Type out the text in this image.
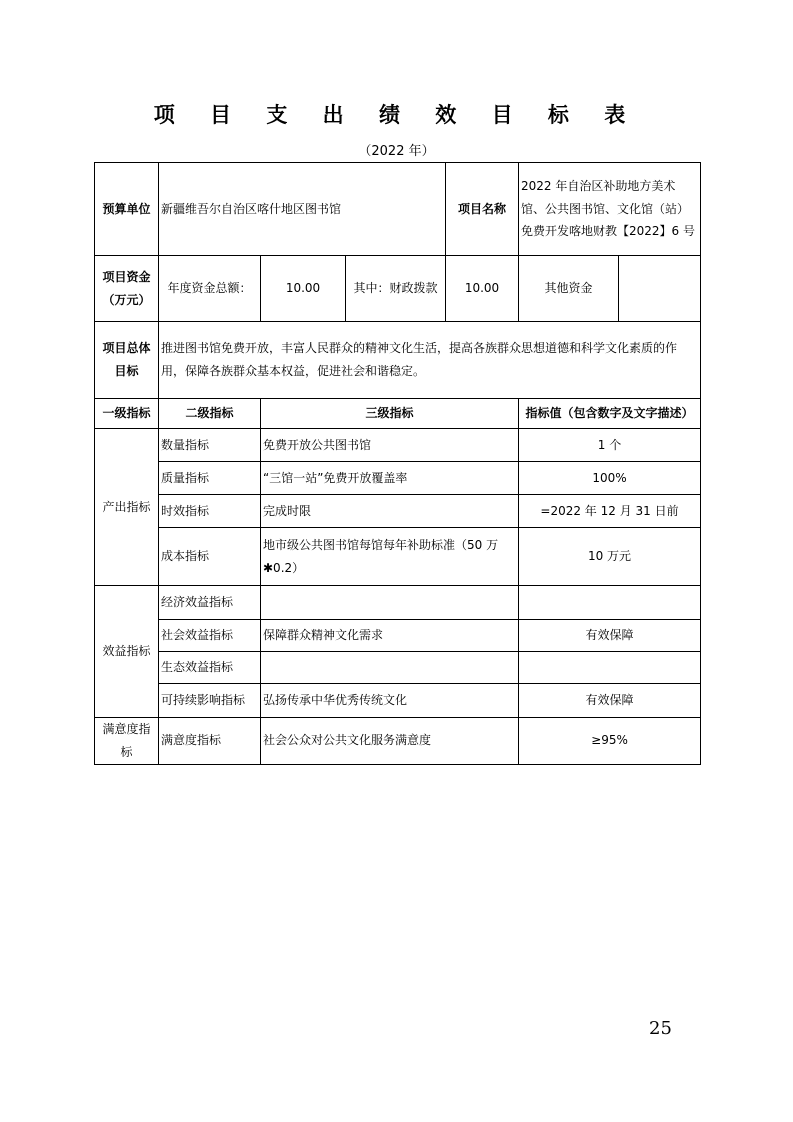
项 目 支 出 绩 效 目 标 表
（2022 年）
预算单位	新疆维吾尔自治区喀什地区图书馆			项目名称	2022 年自治区补助地方美术馆、公共图书馆、文化馆（站）免费开发喀地财教【2022】6 号	
项目资金（万元）	年度资金总额：	10.00	其中：财政拨款	10.00	其他资金	
项目总体目标	推进图书馆免费开放，丰富人民群众的精神文化生活，提高各族群众思想道德和科学文化素质的作用，保障各族群众基本权益，促进社会和谐稳定。					
一级指标	二级指标	三级指标			指标值（包含数字及文字描述）	
产出指标	数量指标	免费开放公共图书馆			1 个	
	质量指标	“三馆一站”免费开放覆盖率			100%	
	时效指标	完成时限			=2022 年 12 月 31 日前	
	成本指标	地市级公共图书馆每馆每年补助标准（50 万✱0.2）			10 万元	
效益指标	经济效益指标					
	社会效益指标	保障群众精神文化需求			有效保障	
	生态效益指标					
	可持续影响指标	弘扬传承中华优秀传统文化			有效保障	
满意度指标	满意度指标	社会公众对公共文化服务满意度			≥95%	
25
